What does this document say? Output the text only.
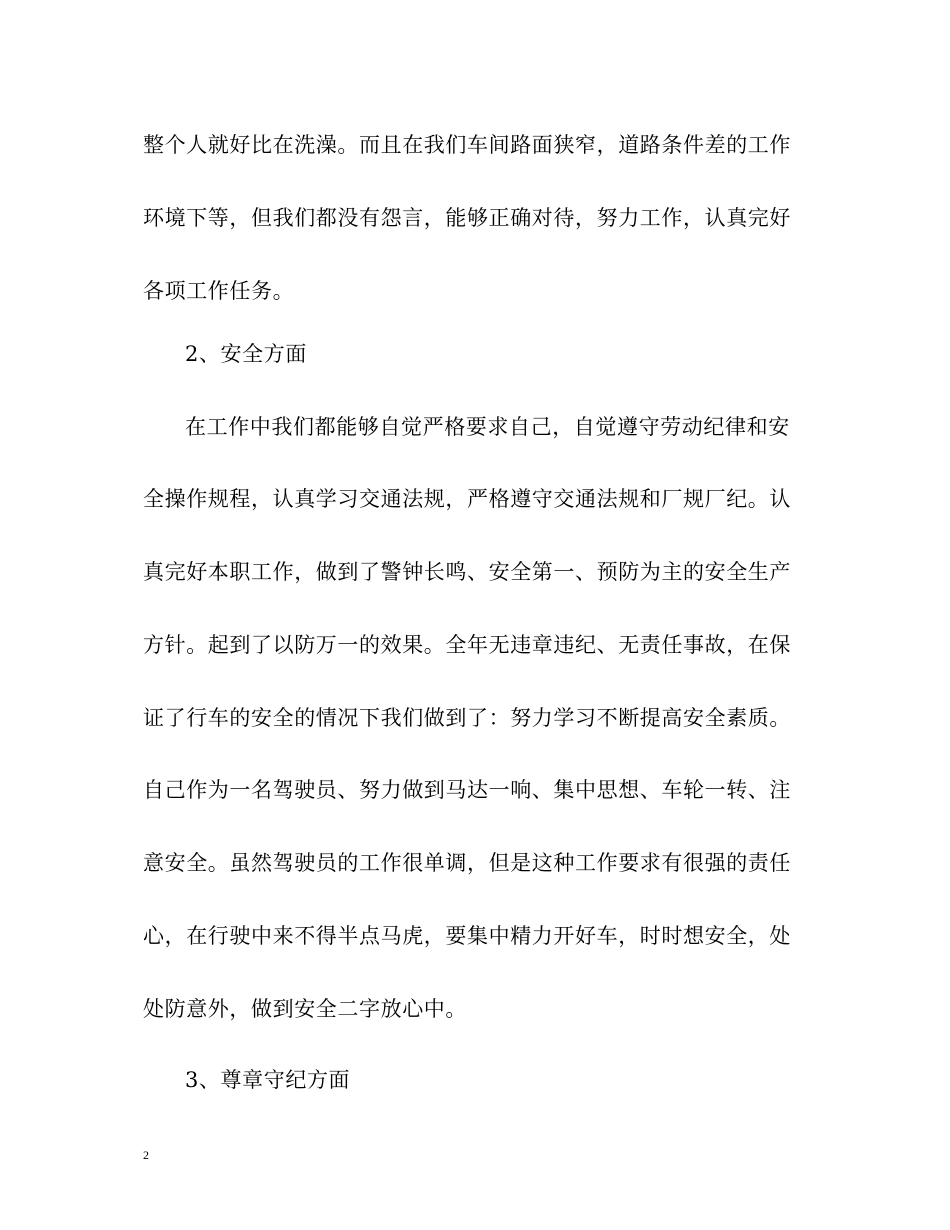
整个人就好比在洗澡。而且在我们车间路面狭窄，道路条件差的工作
环境下等，但我们都没有怨言，能够正确对待，努力工作，认真完好
各项工作任务。
2、安全方面
在工作中我们都能够自觉严格要求自己，自觉遵守劳动纪律和安
全操作规程，认真学习交通法规，严格遵守交通法规和厂规厂纪。认
真完好本职工作，做到了警钟长鸣、安全第一、预防为主的安全生产
方针。起到了以防万一的效果。全年无违章违纪、无责任事故，在保
证了行车的安全的情况下我们做到了：努力学习不断提高安全素质。
自己作为一名驾驶员、努力做到马达一响、集中思想、车轮一转、注
意安全。虽然驾驶员的工作很单调，但是这种工作要求有很强的责任
心，在行驶中来不得半点马虎，要集中精力开好车，时时想安全，处
处防意外，做到安全二字放心中。
3、尊章守纪方面
2
